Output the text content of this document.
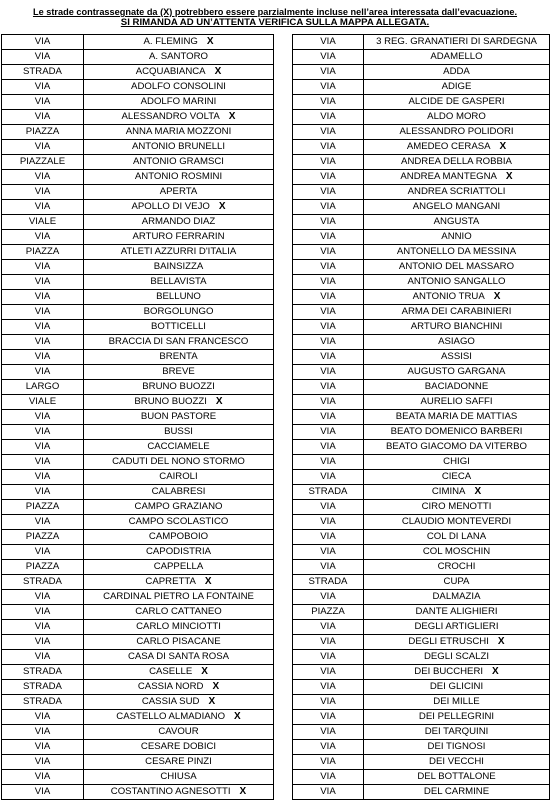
Le strade contrassegnate da (X) potrebbero essere parzialmente incluse nell’area interessata dall’evacuazione.
SI RIMANDA AD UN’ATTENTA VERIFICA SULLA MAPPA ALLEGATA.
VIA	A. FLEMING X
VIA	A. SANTORO
STRADA	ACQUABIANCA X
VIA	ADOLFO CONSOLINI
VIA	ADOLFO MARINI
VIA	ALESSANDRO VOLTA X
PIAZZA	ANNA MARIA MOZZONI
VIA	ANTONIO BRUNELLI
PIAZZALE	ANTONIO GRAMSCI
VIA	ANTONIO ROSMINI
VIA	APERTA
VIA	APOLLO DI VEJO X
VIALE	ARMANDO DIAZ
VIA	ARTURO FERRARIN
PIAZZA	ATLETI AZZURRI D'ITALIA
VIA	BAINSIZZA
VIA	BELLAVISTA
VIA	BELLUNO
VIA	BORGOLUNGO
VIA	BOTTICELLI
VIA	BRACCIA DI SAN FRANCESCO
VIA	BRENTA
VIA	BREVE
LARGO	BRUNO BUOZZI
VIALE	BRUNO BUOZZI X
VIA	BUON PASTORE
VIA	BUSSI
VIA	CACCIAMELE
VIA	CADUTI DEL NONO STORMO
VIA	CAIROLI
VIA	CALABRESI
PIAZZA	CAMPO GRAZIANO
VIA	CAMPO SCOLASTICO
PIAZZA	CAMPOBOIO
VIA	CAPODISTRIA
PIAZZA	CAPPELLA
STRADA	CAPRETTA X
VIA	CARDINAL PIETRO LA FONTAINE
VIA	CARLO CATTANEO
VIA	CARLO MINCIOTTI
VIA	CARLO PISACANE
VIA	CASA DI SANTA ROSA
STRADA	CASELLE X
STRADA	CASSIA NORD X
STRADA	CASSIA SUD X
VIA	CASTELLO ALMADIANO X
VIA	CAVOUR
VIA	CESARE DOBICI
VIA	CESARE PINZI
VIA	CHIUSA
VIA	COSTANTINO AGNESOTTI X
VIA	3 REG. GRANATIERI DI SARDEGNA
VIA	ADAMELLO
VIA	ADDA
VIA	ADIGE
VIA	ALCIDE DE GASPERI
VIA	ALDO MORO
VIA	ALESSANDRO POLIDORI
VIA	AMEDEO CERASA X
VIA	ANDREA DELLA ROBBIA
VIA	ANDREA MANTEGNA X
VIA	ANDREA SCRIATTOLI
VIA	ANGELO MANGANI
VIA	ANGUSTA
VIA	ANNIO
VIA	ANTONELLO DA MESSINA
VIA	ANTONIO DEL MASSARO
VIA	ANTONIO SANGALLO
VIA	ANTONIO TRUA X
VIA	ARMA DEI CARABINIERI
VIA	ARTURO BIANCHINI
VIA	ASIAGO
VIA	ASSISI
VIA	AUGUSTO GARGANA
VIA	BACIADONNE
VIA	AURELIO SAFFI
VIA	BEATA MARIA DE MATTIAS
VIA	BEATO DOMENICO BARBERI
VIA	BEATO GIACOMO DA VITERBO
VIA	CHIGI
VIA	CIECA
STRADA	CIMINA X
VIA	CIRO MENOTTI
VIA	CLAUDIO MONTEVERDI
VIA	COL DI LANA
VIA	COL MOSCHIN
VIA	CROCHI
STRADA	CUPA
VIA	DALMAZIA
PIAZZA	DANTE ALIGHIERI
VIA	DEGLI ARTIGLIERI
VIA	DEGLI ETRUSCHI X
VIA	DEGLI SCALZI
VIA	DEI BUCCHERI X
VIA	DEI GLICINI
VIA	DEI MILLE
VIA	DEI PELLEGRINI
VIA	DEI TARQUINI
VIA	DEI TIGNOSI
VIA	DEI VECCHI
VIA	DEL BOTTALONE
VIA	DEL CARMINE
